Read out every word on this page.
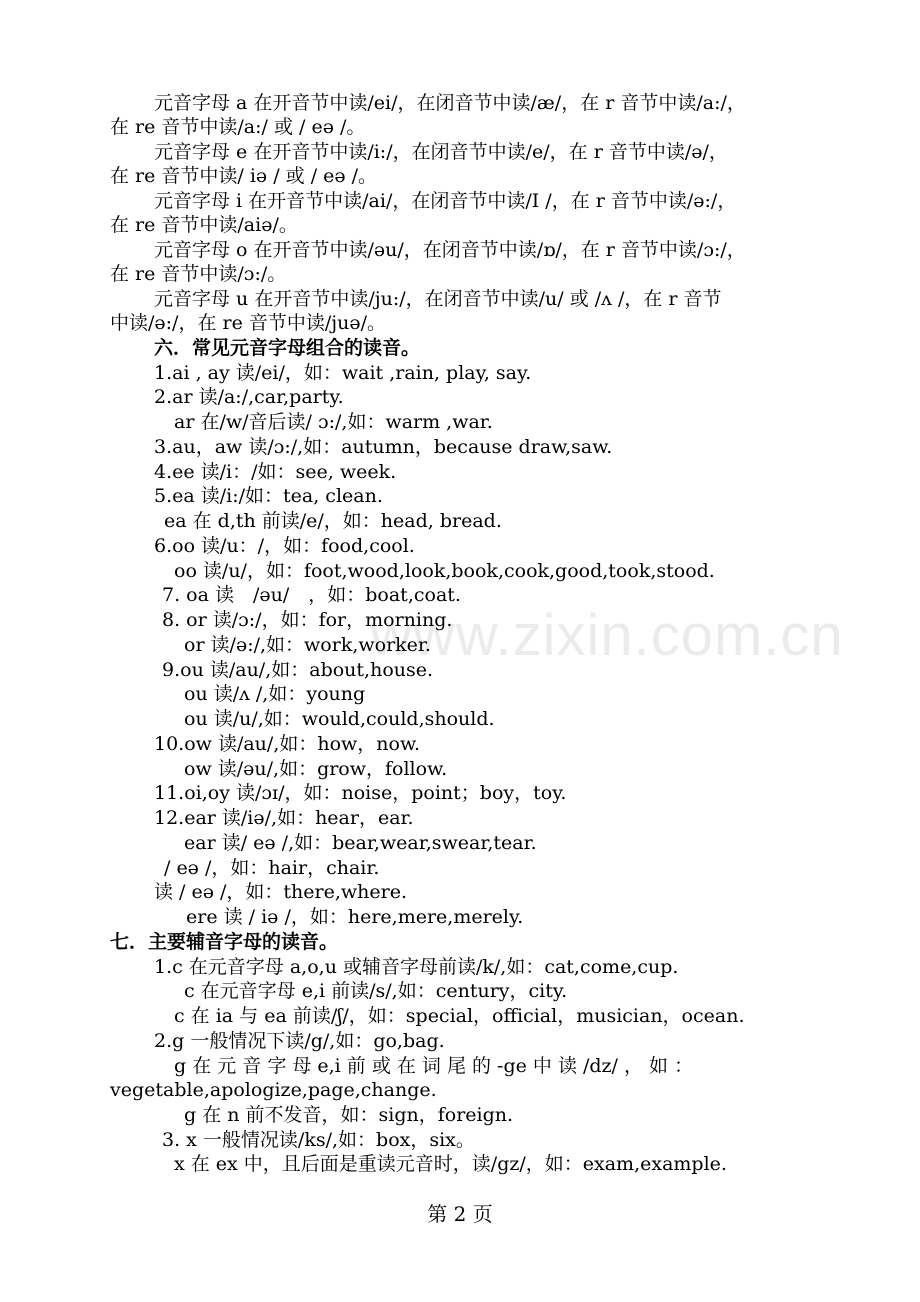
www.zixin.com.cn
元音字母 a 在开音节中读/ei/，在闭音节中读/æ/，在 r 音节中读/a:/，
在 re 音节中读/a:/ 或 / eə /。
元音字母 e 在开音节中读/i:/，在闭音节中读/e/，在 r 音节中读/ə/，
在 re 音节中读/ iə / 或 / eə /。
元音字母 i 在开音节中读/ai/，在闭音节中读/I /，在 r 音节中读/ə:/，
在 re 音节中读/aiə/。
元音字母 o 在开音节中读/əu/，在闭音节中读/ɒ/，在 r 音节中读/ɔ:/，
在 re 音节中读/ɔ:/。
元音字母 u 在开音节中读/ju:/，在闭音节中读/u/ 或 /ʌ /，在 r 音节
中读/ə:/，在 re 音节中读/juə/。
六．常见元音字母组合的读音。
1.ai , ay 读/ei/，如：wait ,rain, play, say.
2.ar 读/a:/,car,party.
ar 在/w/音后读/ ɔ:/,如：warm ,war.
3.au，aw 读/ɔ:/,如：autumn，because draw,saw.
4.ee 读/i：/如：see, week.
5.ea 读/i:/如：tea, clean.
ea 在 d,th 前读/e/，如：head, bread.
6.oo 读/u：/，如：food,cool.
oo 读/u/，如：foot,wood,look,book,cook,good,took,stood.
7. oa 读　/əu/　，如：boat,coat.
8. or 读/ɔ:/，如：for，morning.
or 读/ə:/,如：work,worker.
9.ou 读/au/,如：about,house.
ou 读/ʌ /,如：young
ou 读/u/,如：would,could,should.
10.ow 读/au/,如：how，now.
ow 读/əu/,如：grow，follow.
11.oi,oy 读/ɔɪ/，如：noise，point；boy，toy.
12.ear 读/iə/,如：hear，ear.
ear 读/ eə /,如：bear,wear,swear,tear.
/ eə /，如：hair，chair.
读 / eə /，如：there,where.
ere 读 / iə /，如：here,mere,merely.
七．主要辅音字母的读音。
1.c 在元音字母 a,o,u 或辅音字母前读/k/,如：cat,come,cup.
c 在元音字母 e,i 前读/s/,如：century，city.
c 在 ia 与 ea 前读/ʃ/，如：special，official，musician，ocean.
2.g 一般情况下读/g/,如：go,bag.
g 在 元 音 字 母 e,i 前 或 在 词 尾 的 -ge 中 读 /dz/ ， 如 ：
vegetable,apologize,page,change.
g 在 n 前不发音，如：sign，foreign.
3. x 一般情况读/ks/,如：box，six。
x 在 ex 中，且后面是重读元音时，读/gz/，如：exam,example.
第 2 页
